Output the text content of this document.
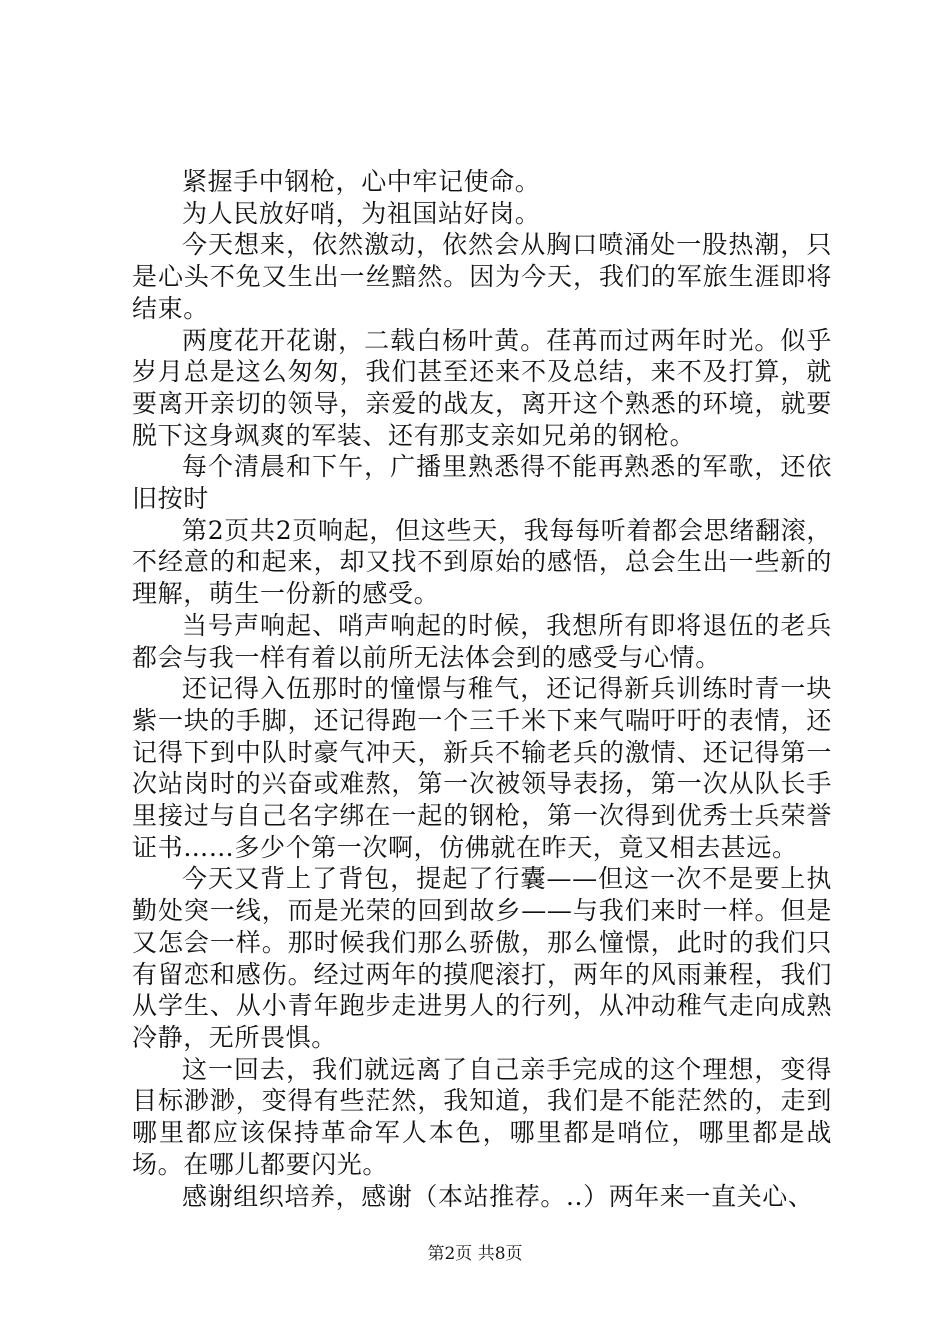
紧握手中钢枪，心中牢记使命。

为人民放好哨，为祖国站好岗。

今天想来，依然激动，依然会从胸口喷涌处一股热潮，只是心头不免又生出一丝黯然。因为今天，我们的军旅生涯即将结束。

两度花开花谢，二载白杨叶黄。荏苒而过两年时光。似乎岁月总是这么匆匆，我们甚至还来不及总结，来不及打算，就要离开亲切的领导，亲爱的战友，离开这个熟悉的环境，就要脱下这身飒爽的军装、还有那支亲如兄弟的钢枪。

每个清晨和下午，广播里熟悉得不能再熟悉的军歌，还依旧按时

第2页共2页响起，但这些天，我每每听着都会思绪翻滚，不经意的和起来，却又找不到原始的感悟，总会生出一些新的理解，萌生一份新的感受。

当号声响起、哨声响起的时候，我想所有即将退伍的老兵都会与我一样有着以前所无法体会到的感受与心情。

还记得入伍那时的憧憬与稚气，还记得新兵训练时青一块紫一块的手脚，还记得跑一个三千米下来气喘吁吁的表情，还记得下到中队时豪气冲天，新兵不输老兵的激情、还记得第一次站岗时的兴奋或难熬，第一次被领导表扬，第一次从队长手里接过与自己名字绑在一起的钢枪，第一次得到优秀士兵荣誉证书……多少个第一次啊，仿佛就在昨天，竟又相去甚远。

今天又背上了背包，提起了行囊——但这一次不是要上执勤处突一线，而是光荣的回到故乡——与我们来时一样。但是又怎会一样。那时候我们那么骄傲，那么憧憬，此时的我们只有留恋和感伤。经过两年的摸爬滚打，两年的风雨兼程，我们从学生、从小青年跑步走进男人的行列，从冲动稚气走向成熟冷静，无所畏惧。

这一回去，我们就远离了自己亲手完成的这个理想，变得目标渺渺，变得有些茫然，我知道，我们是不能茫然的，走到哪里都应该保持革命军人本色，哪里都是哨位，哪里都是战场。在哪儿都要闪光。

感谢组织培养，感谢（本站推荐。..）两年来一直关心、

第2页 共8页
